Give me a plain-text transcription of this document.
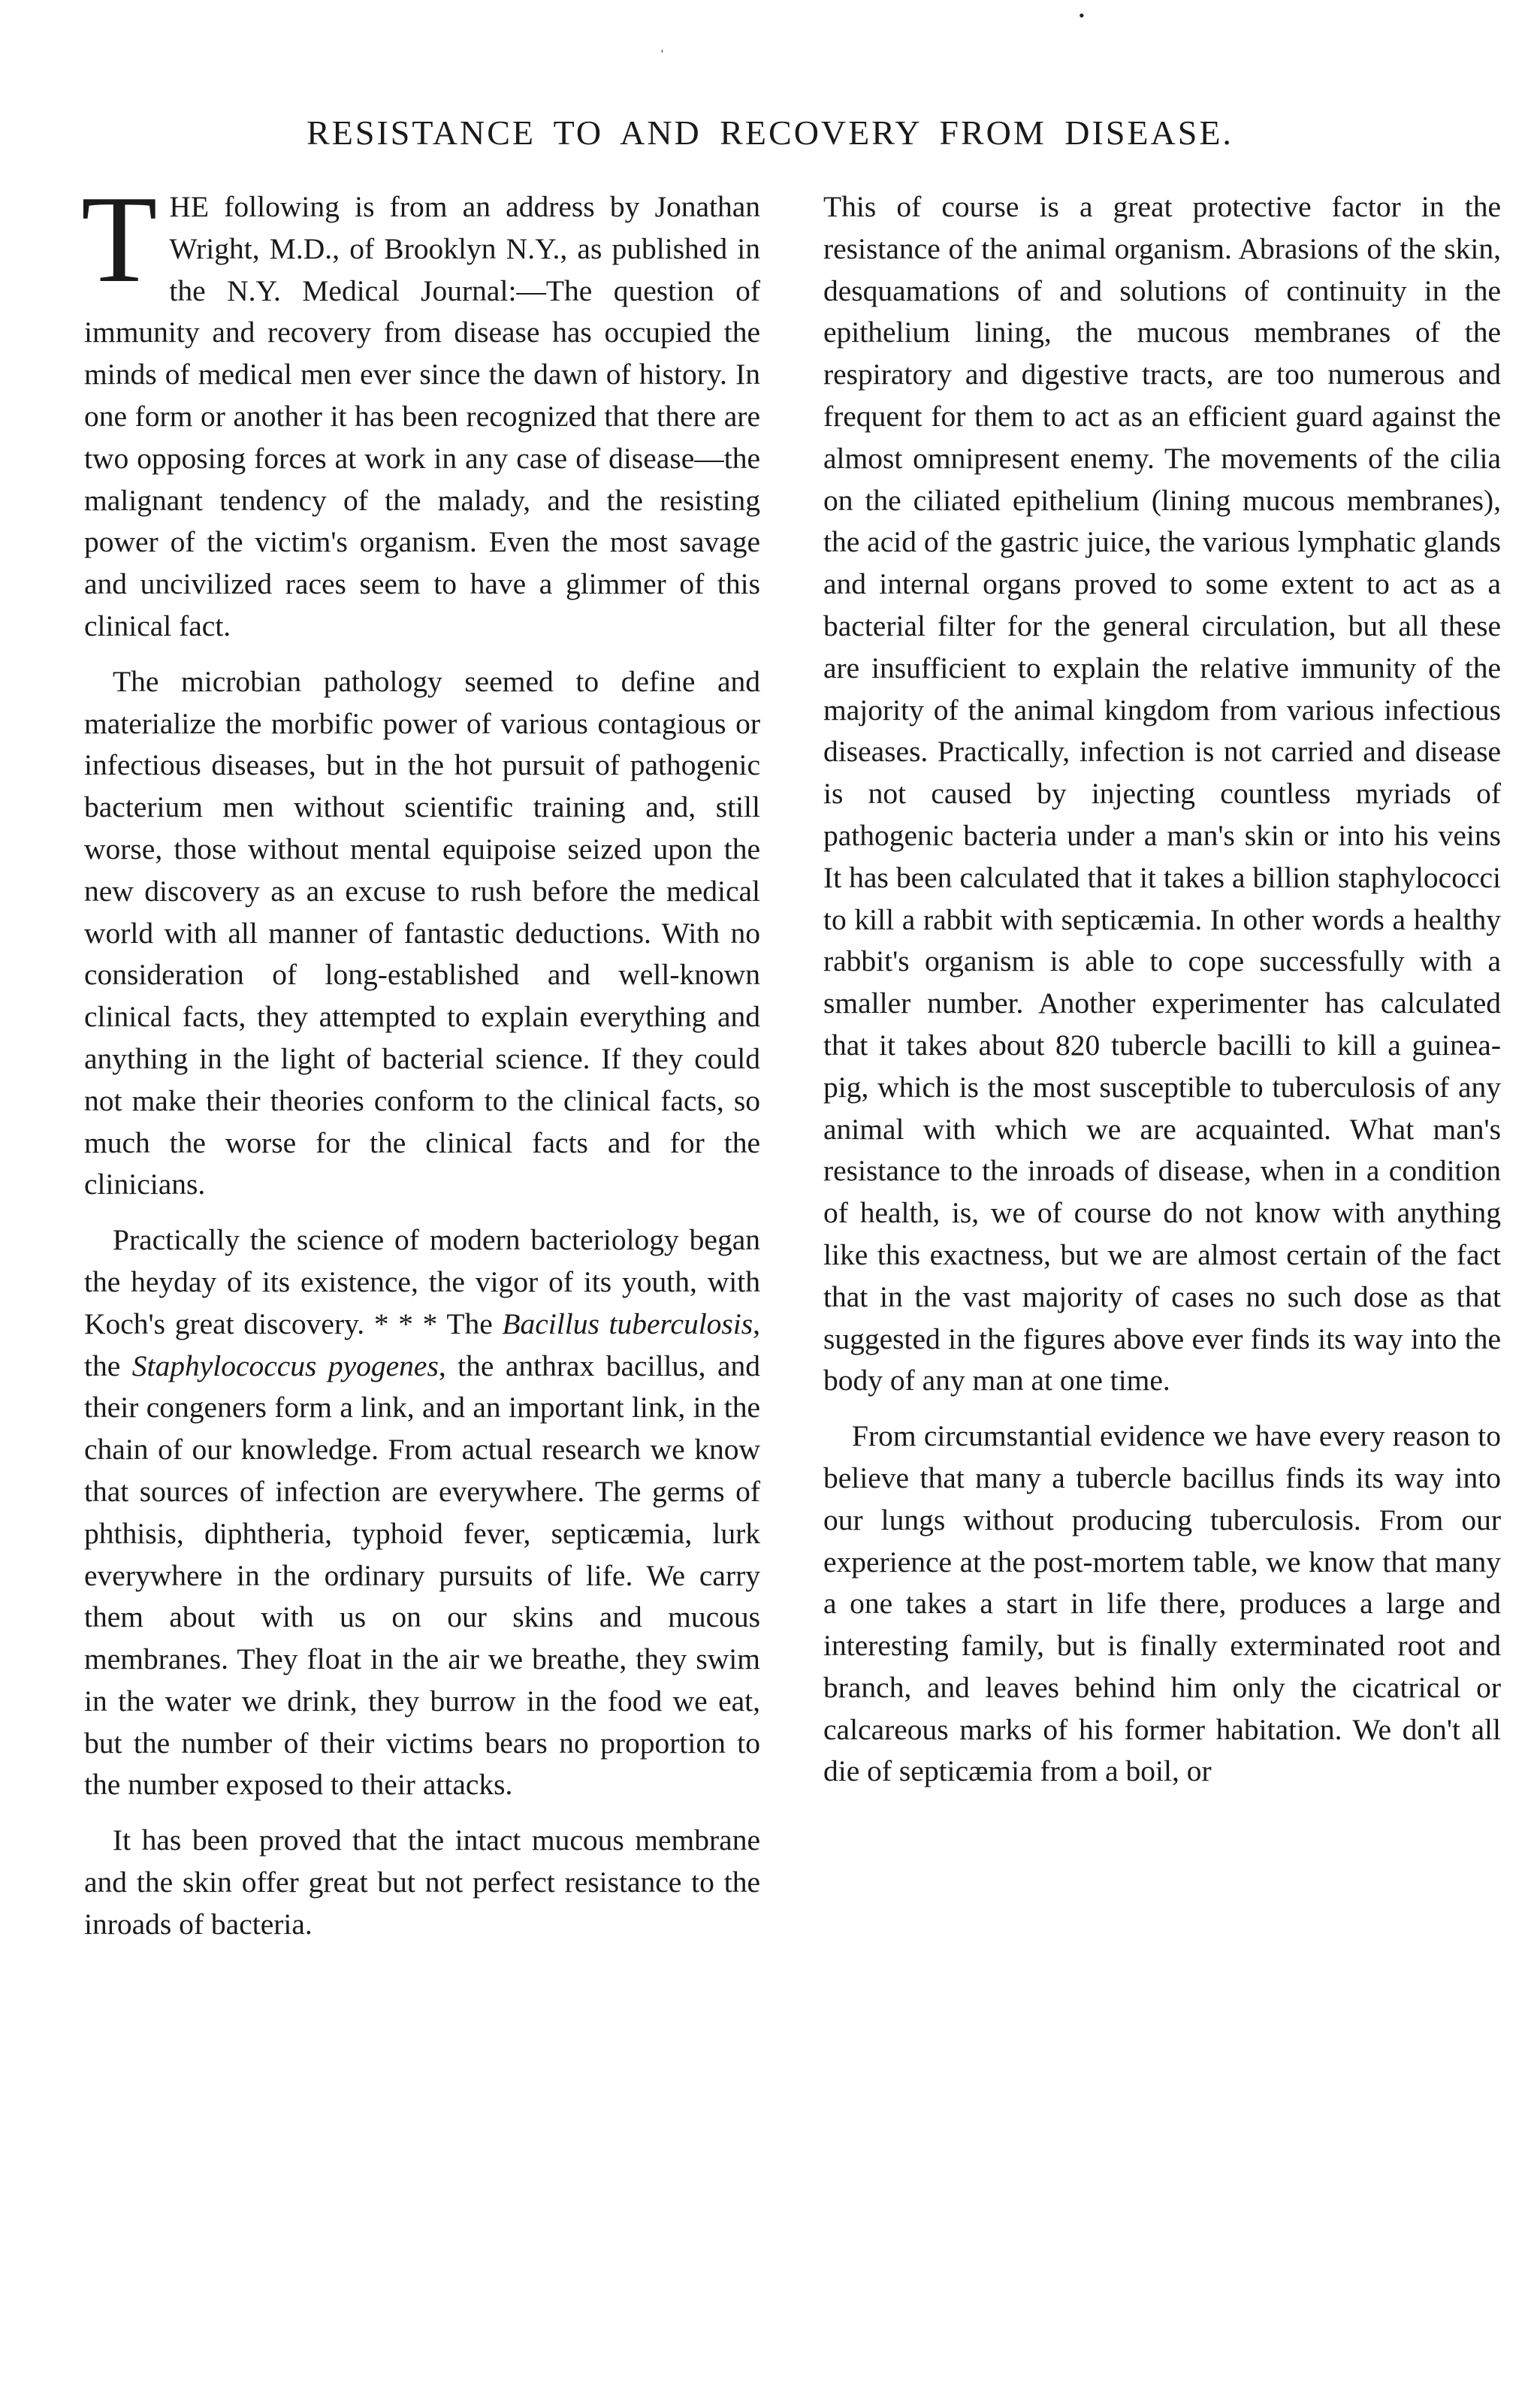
•
'
RESISTANCE TO AND RECOVERY FROM DISEASE.

THE following is from an address by Jonathan Wright, M.D., of Brooklyn N.Y., as published in the N.Y. Medical Journal:—The question of immunity and recovery from disease has occupied the minds of medical men ever since the dawn of history. In one form or another it has been recognized that there are two opposing forces at work in any case of disease—the malignant tendency of the malady, and the resisting power of the victim's organism. Even the most savage and uncivilized races seem to have a glimmer of this clinical fact.

The microbian pathology seemed to define and materialize the morbific power of various contagious or infectious diseases, but in the hot pursuit of pathogenic bacterium men without scientific training and, still worse, those without mental equipoise seized upon the new discovery as an excuse to rush before the medical world with all manner of fantastic deductions. With no consideration of long-established and well-known clinical facts, they attempted to explain everything and anything in the light of bacterial science. If they could not make their theories conform to the clinical facts, so much the worse for the clinical facts and for the clinicians.

Practically the science of modern bacteriology began the heyday of its existence, the vigor of its youth, with Koch's great discovery. * * * The Bacillus tuberculosis, the Staphylococcus pyogenes, the anthrax bacillus, and their congeners form a link, and an important link, in the chain of our knowledge. From actual research we know that sources of infection are everywhere. The germs of phthisis, diphtheria, typhoid fever, septicæmia, lurk everywhere in the ordinary pursuits of life. We carry them about with us on our skins and mucous membranes. They float in the air we breathe, they swim in the water we drink, they burrow in the food we eat, but the number of their victims bears no proportion to the number exposed to their attacks.

It has been proved that the intact mucous membrane and the skin offer great but not perfect resistance to the inroads of bacteria.

This of course is a great protective factor in the resistance of the animal organism. Abrasions of the skin, desquamations of and solutions of continuity in the epithelium lining, the mucous membranes of the respiratory and digestive tracts, are too numerous and frequent for them to act as an efficient guard against the almost omnipresent enemy. The movements of the cilia on the ciliated epithelium (lining mucous membranes), the acid of the gastric juice, the various lymphatic glands and internal organs proved to some extent to act as a bacterial filter for the general circulation, but all these are insufficient to explain the relative immunity of the majority of the animal kingdom from various infectious diseases. Practically, infection is not carried and disease is not caused by injecting countless myriads of pathogenic bacteria under a man's skin or into his veins It has been calculated that it takes a billion staphylococci to kill a rabbit with septicæmia. In other words a healthy rabbit's organism is able to cope successfully with a smaller number. Another experimenter has calculated that it takes about 820 tubercle bacilli to kill a guinea-pig, which is the most susceptible to tuberculosis of any animal with which we are acquainted. What man's resistance to the inroads of disease, when in a condition of health, is, we of course do not know with anything like this exactness, but we are almost certain of the fact that in the vast majority of cases no such dose as that suggested in the figures above ever finds its way into the body of any man at one time.

From circumstantial evidence we have every reason to believe that many a tubercle bacillus finds its way into our lungs without producing tuberculosis. From our experience at the post-mortem table, we know that many a one takes a start in life there, produces a large and interesting family, but is finally exterminated root and branch, and leaves behind him only the cicatrical or calcareous marks of his former habitation. We don't all die of septicæmia from a boil, or
